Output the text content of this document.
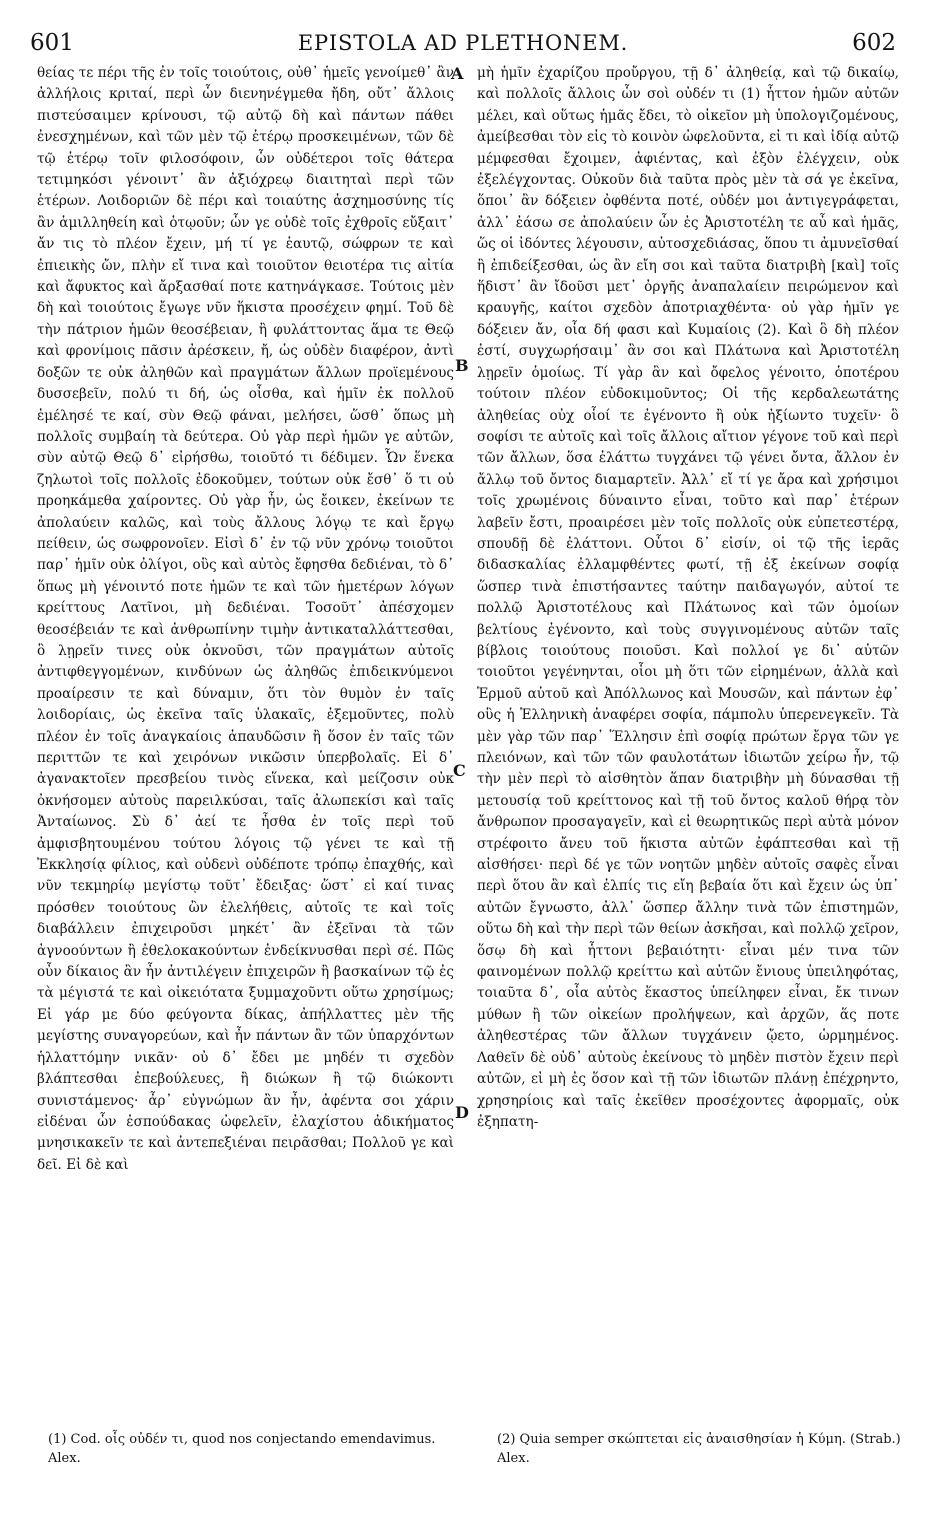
601	EPISTOLA AD PLETHONEM.	602

θείας τε πέρι τῆς ἐν τοῖς τοιούτοις, οὐθ᾽ ἡμεῖς γενοίμεθ᾽ ἂν ἀλλήλοις κριταί, περὶ ὧν διενηνέγμεθα ἤδη, οὔτ᾽ ἄλλοις πιστεύσαιμεν κρίνουσι, τῷ αὐτῷ δὴ καὶ πάντων πάθει ἐνεσχημένων, καὶ τῶν μὲν τῷ ἑτέρῳ προσκειμένων, τῶν δὲ τῷ ἑτέρῳ τοῖν φιλοσόφοιν, ὧν οὐδέτεροι τοῖς θάτερα τετιμηκόσι γένοιντ᾽ ἂν ἀξιόχρεῳ διαιτηταὶ περὶ τῶν ἑτέρων. Λοιδοριῶν δὲ πέρι καὶ τοιαύτης ἀσχημοσύνης τίς ἂν ἁμιλληθείη καὶ ὁτῳοῦν; ὧν γε οὐδὲ τοῖς ἐχθροῖς εὔξαιτ᾽ ἄν τις τὸ πλέον ἔχειν, μή τί γε ἑαυτῷ, σώφρων τε καὶ ἐπιεικὴς ὤν, πλὴν εἴ τινα καὶ τοιοῦτον θειοτέρα τις αἰτία καὶ ἄφυκτος καὶ ἄρξασθαί ποτε κατηνάγκασε. Τούτοις μὲν δὴ καὶ τοιούτοις ἔγωγε νῦν ἥκιστα προσέχειν φημί. Τοῦ δὲ τὴν πάτριον ἡμῶν θεοσέβειαν, ἢ φυλάττοντας ἅμα τε Θεῷ καὶ φρονίμοις πᾶσιν ἀρέσκειν, ἤ, ὡς οὐδὲν διαφέρον, ἀντὶ δοξῶν τε οὐκ ἀληθῶν καὶ πραγμάτων ἄλλων προϊεμένους δυσσεβεῖν, πολύ τι δή, ὡς οἶσθα, καὶ ἡμῖν ἐκ πολλοῦ ἐμέλησέ τε καί, σὺν Θεῷ φάναι, μελήσει, ὥσθ᾽ ὅπως μὴ πολλοῖς συμβαίη τὰ δεύτερα. Οὐ γὰρ περὶ ἡμῶν γε αὐτῶν, σὺν αὐτῷ Θεῷ δ᾽ εἰρήσθω, τοιοῦτό τι δέδιμεν. Ὧν ἕνεκα ζηλωτοὶ τοῖς πολλοῖς ἐδοκοῦμεν, τούτων οὐκ ἔσθ᾽ ὅ τι οὐ προηκάμεθα χαίροντες. Οὐ γὰρ ἦν, ὡς ἔοικεν, ἐκείνων τε ἀπολαύειν καλῶς, καὶ τοὺς ἄλλους λόγῳ τε καὶ ἔργῳ πείθειν, ὡς σωφρονοῖεν. Εἰσὶ δ᾽ ἐν τῷ νῦν χρόνῳ τοιοῦτοι παρ᾽ ἡμῖν οὐκ ὀλίγοι, οὓς καὶ αὐτὸς ἔφησθα δεδιέναι, τὸ δ᾽ ὅπως μὴ γένοιντό ποτε ἡμῶν τε καὶ τῶν ἡμετέρων λόγων κρείττους Λατῖνοι, μὴ δεδιέναι. Τοσοῦτ᾽ ἀπέσχομεν θεοσέβειάν τε καὶ ἀνθρωπίνην τιμὴν ἀντικαταλλάττεσθαι, ὃ λῃρεῖν τινες οὐκ ὀκνοῦσι, τῶν πραγμάτων αὐτοῖς ἀντιφθεγγομένων, κινδύνων ὡς ἀληθῶς ἐπιδεικνύμενοι προαίρεσιν τε καὶ δύναμιν, ὅτι τὸν θυμὸν ἐν ταῖς λοιδορίαις, ὡς ἐκεῖνα ταῖς ὑλακαῖς, ἐξεμοῦντες, πολὺ πλέον ἐν τοῖς ἀναγκαίοις ἀπαυδῶσιν ἢ ὅσον ἐν ταῖς τῶν περιττῶν τε καὶ χειρόνων νικῶσιν ὑπερβολαῖς. Εἰ δ᾽ ἀγανακτοῖεν πρεσβείου τινὸς εἵνεκα, καὶ μείζοσιν οὐκ ὀκνήσομεν αὐτοὺς παρειλκύσαι, ταῖς ἀλωπεκίσι καὶ ταῖς Ἀνταίωνος. Σὺ δ᾽ ἀεί τε ἦσθα ἐν τοῖς περὶ τοῦ ἀμφισβητουμένου τούτου λόγοις τῷ γένει τε καὶ τῇ Ἐκκλησίᾳ φίλιος, καὶ οὐδενὶ οὐδέποτε τρόπῳ ἐπαχθής, καὶ νῦν τεκμηρίῳ μεγίστῳ τοῦτ᾽ ἔδειξας· ὥστ᾽ εἰ καί τινας πρόσθεν τοιούτους ὢν ἐλελήθεις, αὐτοῖς τε καὶ τοῖς διαβάλλειν ἐπιχειροῦσι μηκέτ᾽ ἂν ἐξεῖναι τὰ τῶν ἀγνοούντων ἢ ἐθελοκακούντων ἐνδείκνυσθαι περὶ σέ. Πῶς οὖν δίκαιος ἂν ἦν ἀντιλέγειν ἐπιχειρῶν ἢ βασκαίνων τῷ ἐς τὰ μέγιστά τε καὶ οἰκειότατα ξυμμαχοῦντι οὕτω χρησίμως; Εἰ γάρ με δύο φεύγοντα δίκας, ἀπήλλαττες μὲν τῆς μεγίστης συναγορεύων, καὶ ἦν πάντων ἂν τῶν ὑπαρχόντων ἡλλαττόμην νικᾶν· οὐ δ᾽ ἔδει με μηδέν τι σχεδὸν βλάπτεσθαι ἐπεβούλευες, ἢ διώκων ἢ τῷ διώκοντι συνιστάμενος· ἆρ᾽ εὐγνώμων ἂν ἦν, ἀφέντα σοι χάριν εἰδέναι ὧν ἐσπούδακας ὠφελεῖν, ἐλαχίστου ἀδικήματος μνησικακεῖν τε καὶ ἀντεπεξιέναι πειρᾶσθαι; Πολλοῦ γε καὶ δεῖ. Εἰ δὲ καὶ

μὴ ἡμῖν ἐχαρίζου προὔργου, τῇ δ᾽ ἀληθείᾳ, καὶ τῷ δικαίῳ, καὶ πολλοῖς ἄλλοις ὧν σοὶ οὐδέν τι (1) ἧττον ἡμῶν αὐτῶν μέλει, καὶ οὕτως ἡμᾶς ἔδει, τὸ οἰκεῖον μὴ ὑπολογιζομένους, ἀμείβεσθαι τὸν εἰς τὸ κοινὸν ὠφελοῦντα, εἰ τι καὶ ἰδίᾳ αὐτῷ μέμφεσθαι ἔχοιμεν, ἀφιέντας, καὶ ἐξὸν ἐλέγχειν, οὐκ ἐξελέγχοντας. Οὐκοῦν διὰ ταῦτα πρὸς μὲν τὰ σά γε ἐκεῖνα, ὅποι᾽ ἂν δόξειεν ὀφθέντα ποτέ, οὐδέν μοι ἀντιγεγράφεται, ἀλλ᾽ ἐάσω σε ἀπολαύειν ὧν ἐς Ἀριστοτέλη τε αὖ καὶ ἡμᾶς, ὥς οἱ ἰδόντες λέγουσιν, αὐτοσχεδιάσας, ὅπου τι ἀμυνεῖσθαί ἢ ἐπιδείξεσθαι, ὡς ἂν εἴη σοι καὶ ταῦτα διατριβὴ [καὶ] τοῖς ἥδιστ᾽ ἂν ἴδοῦσι μετ᾽ ὀργῆς ἀναπαλαίειν πειρώμενον καὶ κραυγῆς, καίτοι σχεδὸν ἀποτριαχθέντα· οὐ γὰρ ἡμῖν γε δόξειεν ἄν, οἷα δή φασι καὶ Κυμαίοις (2). Καὶ ὃ δὴ πλέον ἐστί, συγχωρήσαιμ᾽ ἂν σοι καὶ Πλάτωνα καὶ Ἀριστοτέλη λῃρεῖν ὁμοίως. Τί γὰρ ἂν καὶ ὄφελος γένοιτο, ὁποτέρου τούτοιν πλέον εὐδοκιμοῦντος; Οἱ τῆς κερδαλεωτάτης ἀληθείας οὐχ οἷοί τε ἐγένοντο ἢ οὐκ ἠξίωντο τυχεῖν· ὃ σοφίσι τε αὐτοῖς καὶ τοῖς ἄλλοις αἴτιον γέγονε τοῦ καὶ περὶ τῶν ἄλλων, ὅσα ἐλάττω τυγχάνει τῷ γένει ὄντα, ἄλλον ἐν ἄλλῳ τοῦ ὄντος διαμαρτεῖν. Ἀλλ᾽ εἴ τί γε ἄρα καὶ χρήσιμοι τοῖς χρωμένοις δύναιντο εἶναι, τοῦτο καὶ παρ᾽ ἑτέρων λαβεῖν ἔστι, προαιρέσει μὲν τοῖς πολλοῖς οὐκ εὐπετεστέρᾳ, σπουδῇ δὲ ἐλάττονι. Οὗτοι δ᾽ εἰσίν, οἱ τῷ τῆς ἱερᾶς διδασκαλίας ἐλλαμφθέντες φωτί, τῇ ἐξ ἐκείνων σοφίᾳ ὥσπερ τινὰ ἐπιστήσαντες ταύτην παιδαγωγόν, αὐτοί τε πολλῷ Ἀριστοτέλους καὶ Πλάτωνος καὶ τῶν ὁμοίων βελτίους ἐγένοντο, καὶ τοὺς συγγινομένους αὐτῶν ταῖς βίβλοις τοιούτους ποιοῦσι. Καὶ πολλοί γε δι᾽ αὐτῶν τοιοῦτοι γεγένηνται, οἷοι μὴ ὅτι τῶν εἰρημένων, ἀλλὰ καὶ Ἑρμοῦ αὐτοῦ καὶ Ἀπόλλωνος καὶ Μουσῶν, καὶ πάντων ἐφ᾽ οὓς ἡ Ἑλληνικὴ ἀναφέρει σοφία, πάμπολυ ὑπερενεγκεῖν. Τὰ μὲν γὰρ τῶν παρ᾽ Ἕλλησιν ἐπὶ σοφίᾳ πρώτων ἔργα τῶν γε πλειόνων, καὶ τῶν τῶν φαυλοτάτων ἰδιωτῶν χείρω ἦν, τῷ τὴν μὲν περὶ τὸ αἰσθητὸν ἅπαν διατριβὴν μὴ δύνασθαι τῇ μετουσίᾳ τοῦ κρείττονος καὶ τῇ τοῦ ὄντος καλοῦ θήρᾳ τὸν ἄνθρωπον προσαγαγεῖν, καὶ εἰ θεωρητικῶς περὶ αὐτὰ μόνον στρέφοιτο ἄνευ τοῦ ἥκιστα αὐτῶν ἐφάπτεσθαι καὶ τῇ αἰσθήσει· περὶ δέ γε τῶν νοητῶν μηδὲν αὐτοῖς σαφὲς εἶναι περὶ ὅτου ἂν καὶ ἐλπίς τις εἴη βεβαία ὅτι καὶ ἔχειν ὡς ὑπ᾽ αὐτῶν ἔγνωστο, ἀλλ᾽ ὥσπερ ἄλλην τινὰ τῶν ἐπιστημῶν, οὕτω δὴ καὶ τὴν περὶ τῶν θείων ἀσκῆσαι, καὶ πολλῷ χεῖρον, ὅσῳ δὴ καὶ ἧττονι βεβαιότητι· εἶναι μέν τινα τῶν φαινομένων πολλῷ κρείττω καὶ αὐτῶν ἔνιους ὑπειληφότας, τοιαῦτα δ᾽, οἷα αὐτὸς ἕκαστος ὑπείληφεν εἶναι, ἔκ τινων μύθων ἢ τῶν οἰκείων προλήψεων, καὶ ἀρχῶν, ἅς ποτε ἀληθεστέρας τῶν ἄλλων τυγχάνειν ᾤετο, ὡρμημένος. Λαθεῖν δὲ οὐδ᾽ αὐτοὺς ἐκείνους τὸ μηδὲν πιστὸν ἔχειν περὶ αὐτῶν, εἰ μὴ ἐς ὅσον καὶ τῇ τῶν ἰδιωτῶν πλάνῃ ἐπέχρηντο, χρησηρίοις καὶ ταῖς ἐκεῖθεν προσέχοντες ἀφορμαῖς, οὐκ ἐξηπατη-

A
B
C
D
(1) Cod. οἷς οὐδέν τι, quod nos conjectando emendavimus. Alex.
(2) Quia semper σκώπτεται εἰς ἀναισθησίαν ἡ Κύμη. (Strab.) Alex.
